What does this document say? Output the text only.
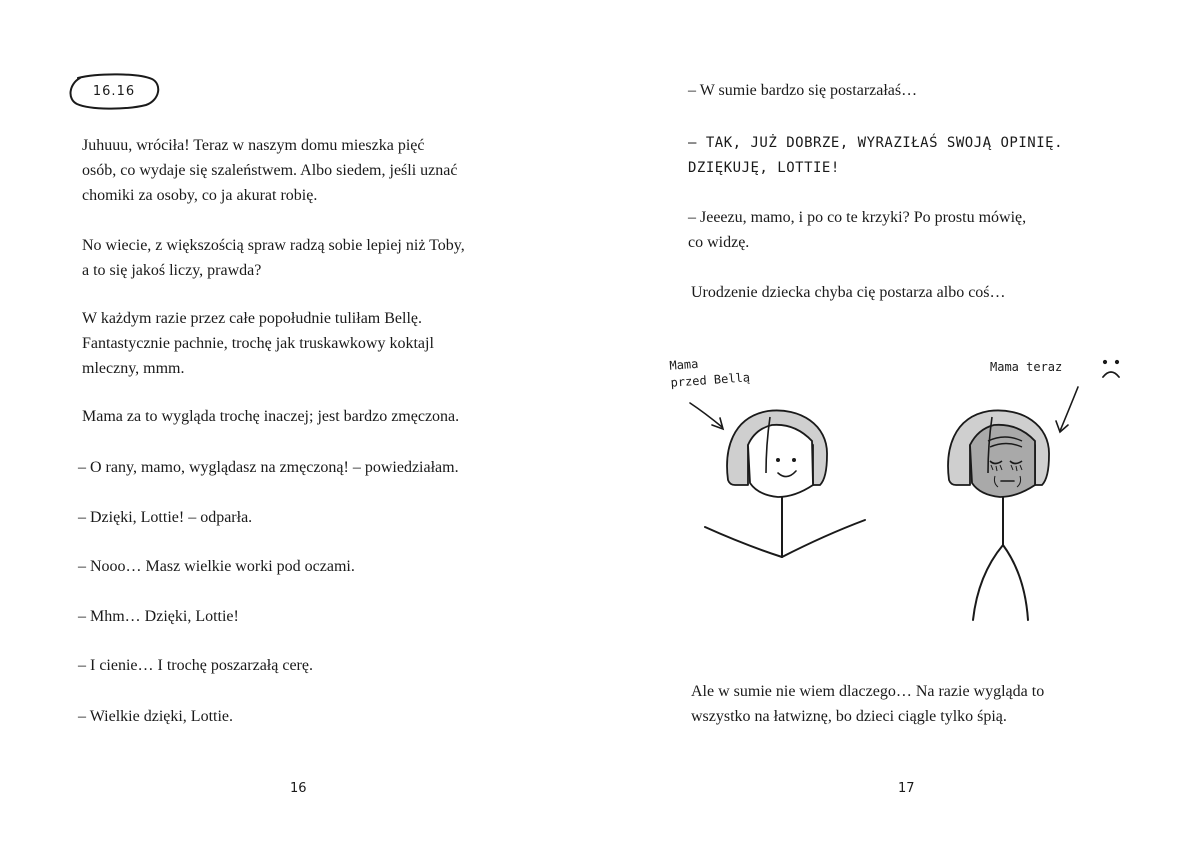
16.16

Juhuuu, wróciła! Teraz w naszym domu mieszka pięć
osób, co wydaje się szaleństwem. Albo siedem, jeśli uznać
chomiki za osoby, co ja akurat robię.

No wiecie, z większością spraw radzą sobie lepiej niż Toby,
a to się jakoś liczy, prawda?

W każdym razie przez całe popołudnie tuliłam Bellę.
Fantastycznie pachnie, trochę jak truskawkowy koktajl
mleczny, mmm.

Mama za to wygląda trochę inaczej; jest bardzo zmęczona.

– O rany, mamo, wyglądasz na zmęczoną! – powiedziałam.

– Dzięki, Lottie! – odparła.

– Nooo… Masz wielkie worki pod oczami.

– Mhm… Dzięki, Lottie!

– I cienie… I trochę poszarzałą cerę.

– Wielkie dzięki, Lottie.

16

– W sumie bardzo się postarzałaś…

– TAK, JUŻ DOBRZE, WYRAZIŁAŚ SWOJĄ OPINIĘ.
DZIĘKUJĘ, LOTTIE!

– Jeeezu, mamo, i po co te krzyki? Po prostu mówię,
co widzę.

Urodzenie dziecka chyba cię postarza albo coś…

Mama
przed Bellą

Mama teraz

Ale w sumie nie wiem dlaczego… Na razie wygląda to
wszystko na łatwiznę, bo dzieci ciągle tylko śpią.

17
